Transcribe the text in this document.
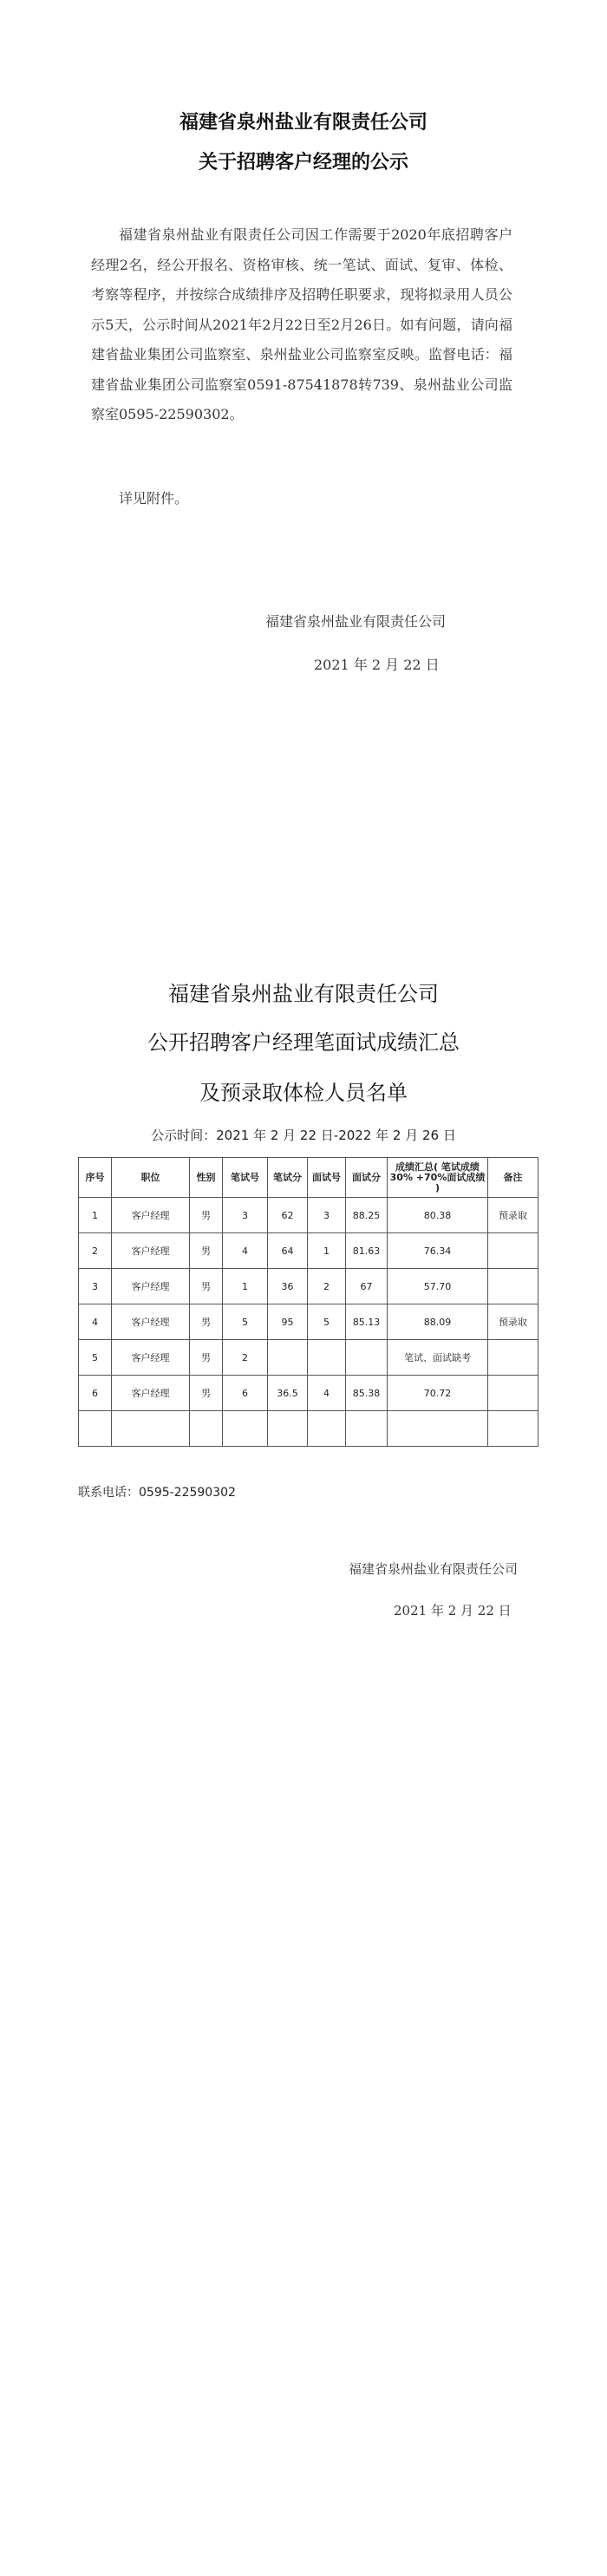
福建省泉州盐业有限责任公司
关于招聘客户经理的公示

福建省泉州盐业有限责任公司因工作需要于2020年底招聘客户经理2名，经公开报名、资格审核、统一笔试、面试、复审、体检、考察等程序，并按综合成绩排序及招聘任职要求，现将拟录用人员公示5天，公示时间从2021年2月22日至2月26日。如有问题，请向福建省盐业集团公司监察室、泉州盐业公司监察室反映。监督电话：福建省盐业集团公司监察室0591-87541878转739、泉州盐业公司监察室0595-22590302。

详见附件。
福建省泉州盐业有限责任公司
2021 年 2 月 22 日
福建省泉州盐业有限责任公司
公开招聘客户经理笔面试成绩汇总
及预录取体检人员名单
公示时间：2021 年 2 月 22 日-2022 年 2 月 26 日
序号	职位	性别	笔试号	笔试分	面试号	面试分	成绩汇总( 笔试成绩 30% +70%面试成绩 )	备注
1	客户经理	男	3	62	3	88.25	80.38	预录取
2	客户经理	男	4	64	1	81.63	76.34	
3	客户经理	男	1	36	2	67	57.70	
4	客户经理	男	5	95	5	85.13	88.09	预录取
5	客户经理	男	2				笔试、面试缺考	
6	客户经理	男	6	36.5	4	85.38	70.72	

联系电话：0595-22590302
福建省泉州盐业有限责任公司
2021 年 2 月 22 日
